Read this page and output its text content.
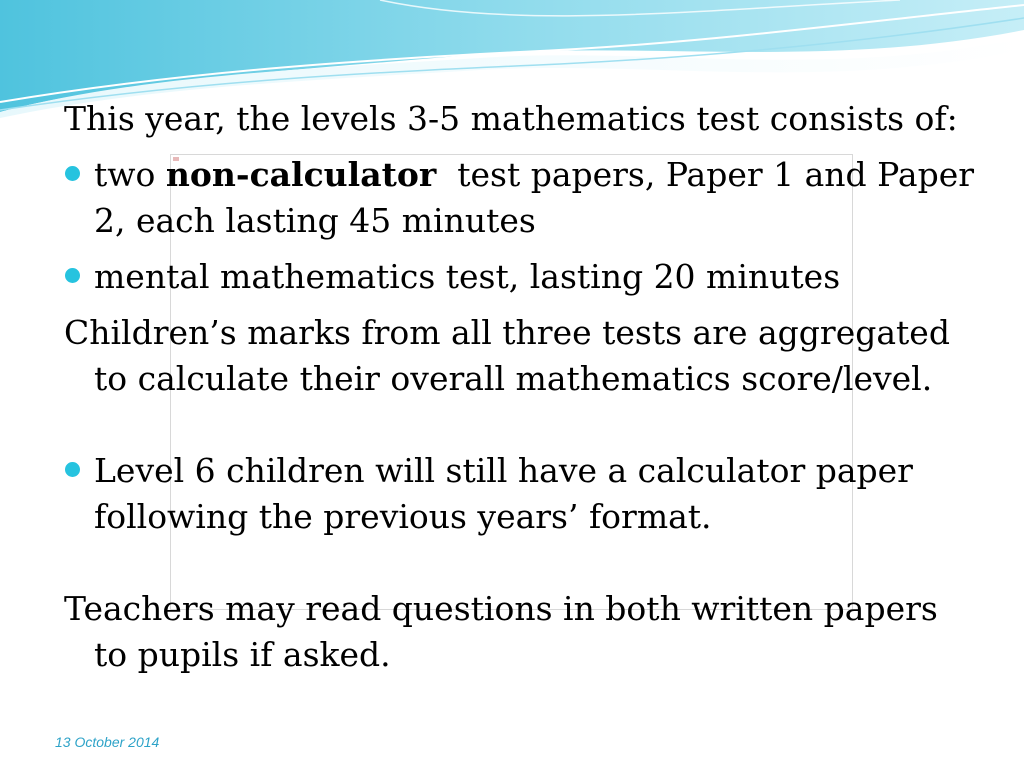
This year, the levels 3-5 mathematics test consists of:

two non-calculator  test papers, Paper 1 and Paper 2, each lasting 45 minutes

mental mathematics test, lasting 20 minutes

Children’s marks from all three tests are aggregated to calculate their overall mathematics score/level.

Level 6 children will still have a calculator paper following the previous years’ format.

Teachers may read questions in both written papers to pupils if asked.

13 October 2014
